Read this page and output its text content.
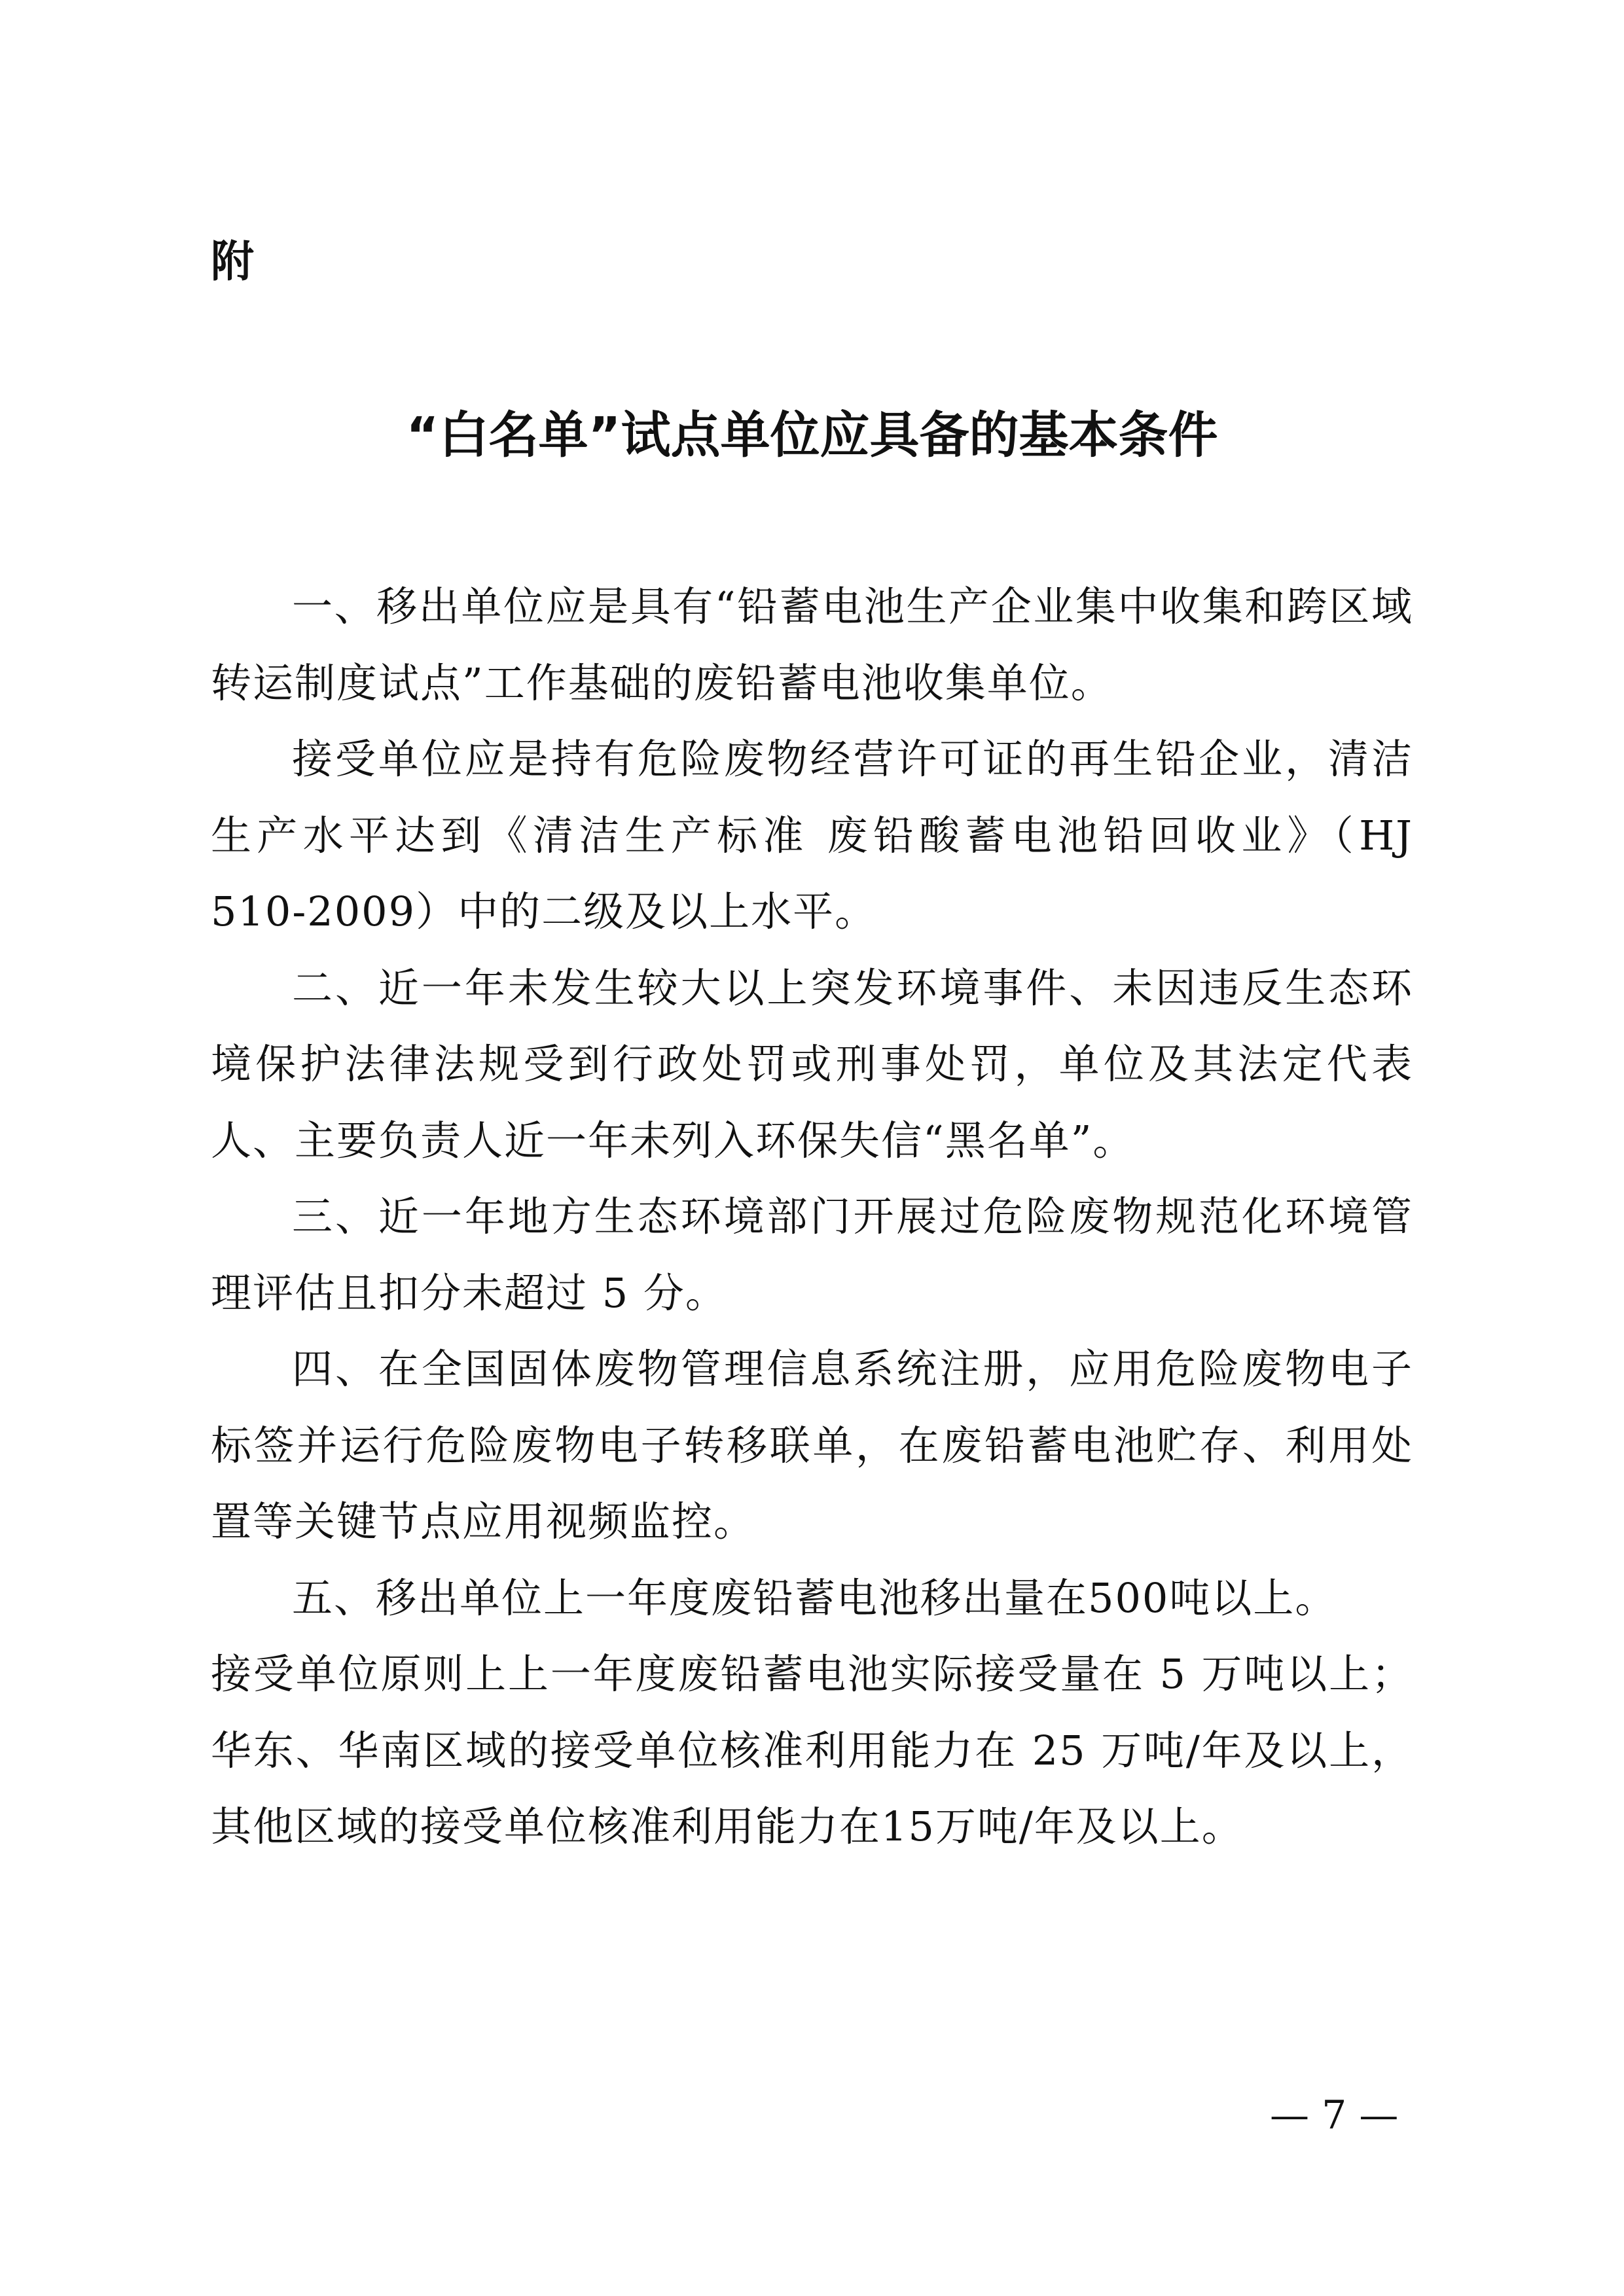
附

“白名单”试点单位应具备的基本条件

一、移出单位应是具有“铅蓄电池生产企业集中收集和跨区域转运制度试点”工作基础的废铅蓄电池收集单位。

接受单位应是持有危险废物经营许可证的再生铅企业，清洁生产水平达到《清洁生产标准 废铅酸蓄电池铅回收业》（HJ 510-2009）中的二级及以上水平。

二、近一年未发生较大以上突发环境事件、未因违反生态环境保护法律法规受到行政处罚或刑事处罚，单位及其法定代表人、主要负责人近一年未列入环保失信“黑名单”。

三、近一年地方生态环境部门开展过危险废物规范化环境管理评估且扣分未超过 5 分。

四、在全国固体废物管理信息系统注册，应用危险废物电子标签并运行危险废物电子转移联单，在废铅蓄电池贮存、利用处置等关键节点应用视频监控。

五、移出单位上一年度废铅蓄电池移出量在500吨以上。

接受单位原则上上一年度废铅蓄电池实际接受量在 5 万吨以上；华东、华南区域的接受单位核准利用能力在 25 万吨/年及以上，其他区域的接受单位核准利用能力在15万吨/年及以上。

— 7 —
